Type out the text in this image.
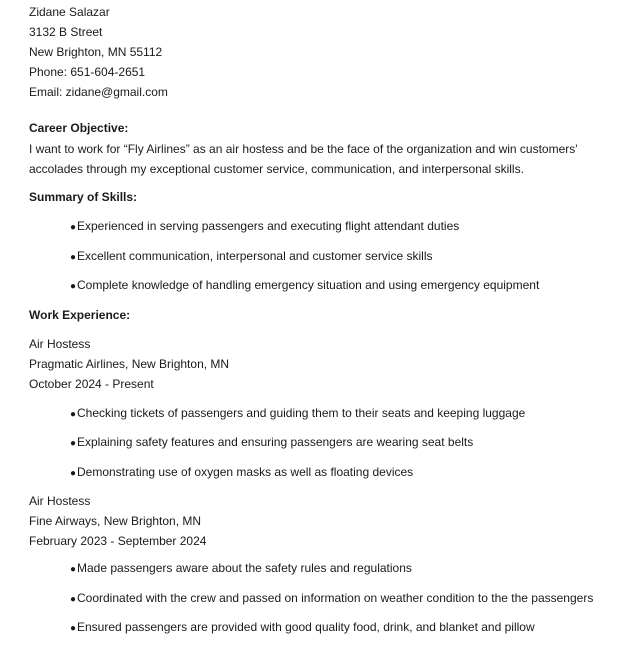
Zidane Salazar
3132 B Street
New Brighton, MN 55112
Phone: 651-604-2651
Email: zidane@gmail.com
Career Objective:
I want to work for “Fly Airlines” as an air hostess and be the face of the organization and win customers'
accolades through my exceptional customer service, communication, and interpersonal skills.
Summary of Skills:
●Experienced in serving passengers and executing flight attendant duties
●Excellent communication, interpersonal and customer service skills
●Complete knowledge of handling emergency situation and using emergency equipment
Work Experience:
Air Hostess
Pragmatic Airlines, New Brighton, MN
October 2024 - Present
●Checking tickets of passengers and guiding them to their seats and keeping luggage
●Explaining safety features and ensuring passengers are wearing seat belts
●Demonstrating use of oxygen masks as well as floating devices
Air Hostess
Fine Airways, New Brighton, MN
February 2023 - September 2024
●Made passengers aware about the safety rules and regulations
●Coordinated with the crew and passed on information on weather condition to the the passengers
●Ensured passengers are provided with good quality food, drink, and blanket and pillow
